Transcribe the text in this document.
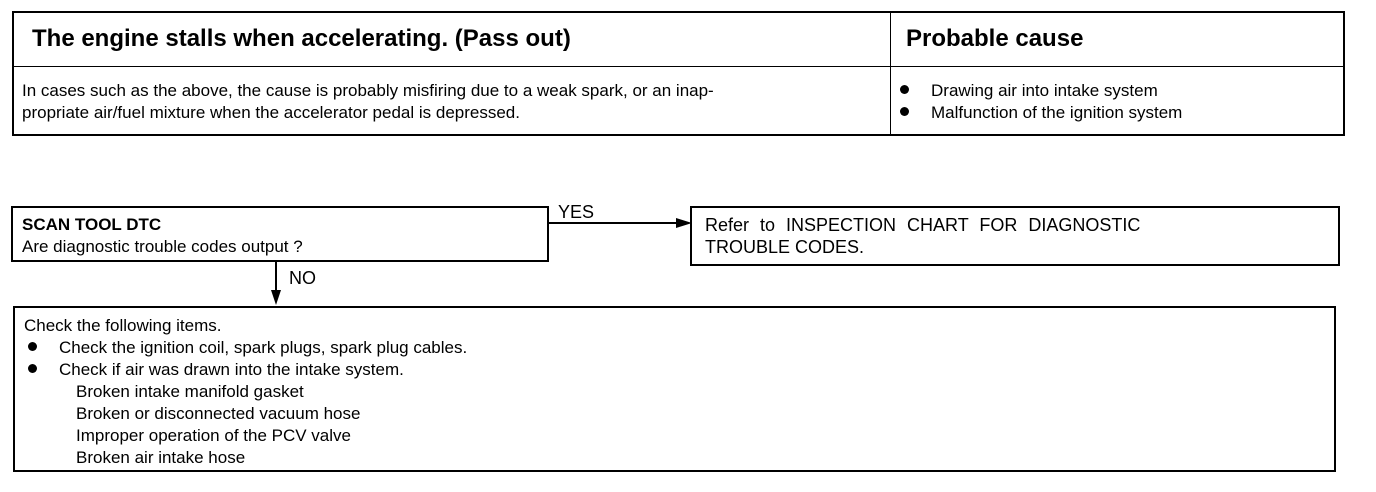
The engine stalls when accelerating. (Pass out)	Probable cause
In cases such as the above, the cause is probably misfiring due to a weak spark, or an inap-
propriate air/fuel mixture when the accelerator pedal is depressed.
Drawing air into intake system
Malfunction of the ignition system
YES
NO
SCAN TOOL DTC
Are diagnostic trouble codes output ?
Refer to INSPECTION CHART FOR DIAGNOSTIC
TROUBLE CODES.
Check the following items.
Check the ignition coil, spark plugs, spark plug cables.
Check if air was drawn into the intake system.
Broken intake manifold gasket
Broken or disconnected vacuum hose
Improper operation of the PCV valve
Broken air intake hose
